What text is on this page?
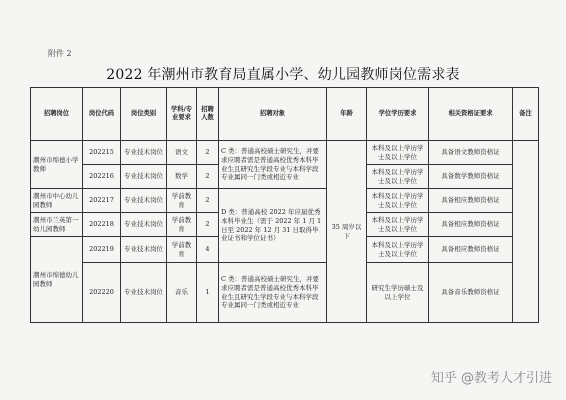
附件 2
2022 年潮州市教育局直属小学、幼儿园教师岗位需求表
招聘岗位	岗位代码	岗位类别	学科/专业要求	招聘人数	招聘对象	年龄	学位学历要求	相关资格证要求	备注
潮州市绵德小学教师	202215	专业技术岗位	语文	2	C 类：普通高校硕士研究生，并要求应聘者需是普通高校优秀本科毕业生且研究生学段专业与本科学段专业属同一门类或相近专业	35 周岁以下	本科及以上学历学士及以上学位	具备语文教师资格证	
	202216	专业技术岗位	数学	2			本科及以上学历学士及以上学位	具备数学教师资格证	
潮州市中心幼儿园教师	202217	专业技术岗位	学前教育	2	D 类：普通高校 2022 年应届优秀本科毕业生（需于 2022 年 1 月 1 日至 2022 年 12 月 31 日取得毕业证书和学位证书）		本科及以上学历学士及以上学位	具备相应教师资格证	
潮州市兰英第一幼儿园教师	202218	专业技术岗位	学前教育	2			本科及以上学历学士及以上学位	具备相应教师资格证	
潮州市绵德幼儿园教师	202219	专业技术岗位	学前教育	4			本科及以上学历学士及以上学位	具备相应教师资格证	
	202220	专业技术岗位	音乐	1	C 类：普通高校硕士研究生，并要求应聘者需是普通高校优秀本科毕业生且研究生学段专业与本科学段专业属同一门类或相近专业		研究生学历硕士及以上学位	具备音乐教师资格证	
知乎 @教考人才引进
